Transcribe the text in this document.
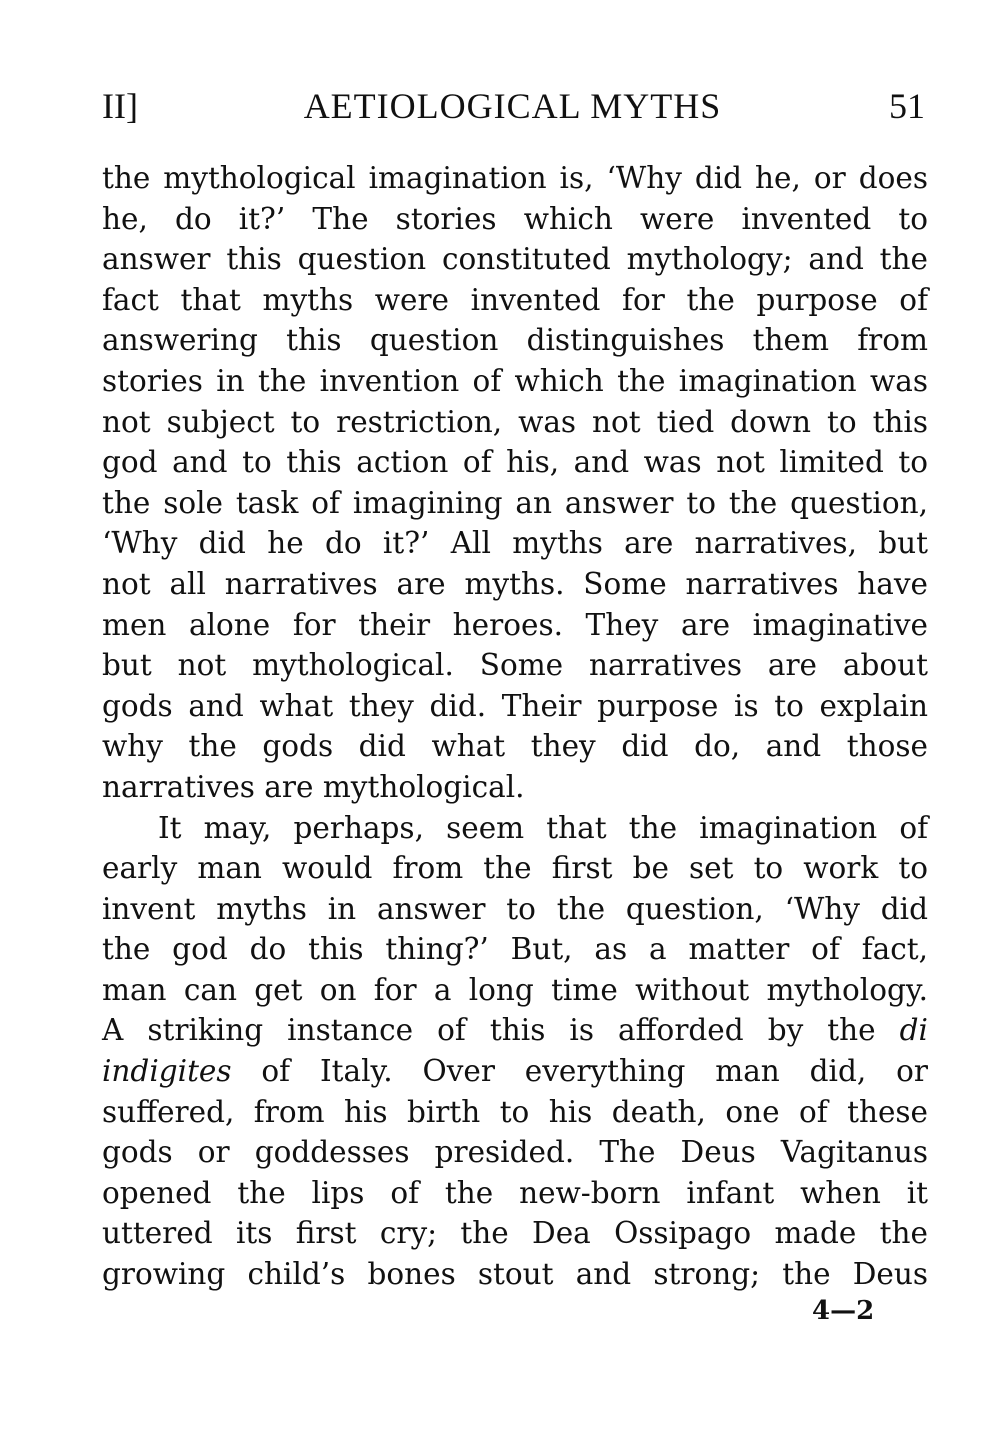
II]	AETIOLOGICAL MYTHS	51
the mythological imagination is, ‘Why did he, or does
he, do it?’ The stories which were invented to
answer this question constituted mythology; and the
fact that myths were invented for the purpose of
answering this question distinguishes them from
stories in the invention of which the imagination was
not subject to restriction, was not tied down to this
god and to this action of his, and was not limited to
the sole task of imagining an answer to the question,
‘Why did he do it?’ All myths are narratives, but
not all narratives are myths. Some narratives have
men alone for their heroes. They are imaginative
but not mythological. Some narratives are about
gods and what they did. Their purpose is to explain
why the gods did what they did do, and those
narratives are mythological.
It may, perhaps, seem that the imagination of
early man would from the first be set to work to
invent myths in answer to the question, ‘Why did
the god do this thing?’ But, as a matter of fact,
man can get on for a long time without mythology.
A striking instance of this is afforded by the di
indigites of Italy. Over everything man did, or
suffered, from his birth to his death, one of these
gods or goddesses presided. The Deus Vagitanus
opened the lips of the new-born infant when it
uttered its first cry; the Dea Ossipago made the
growing child’s bones stout and strong; the Deus
4—2
